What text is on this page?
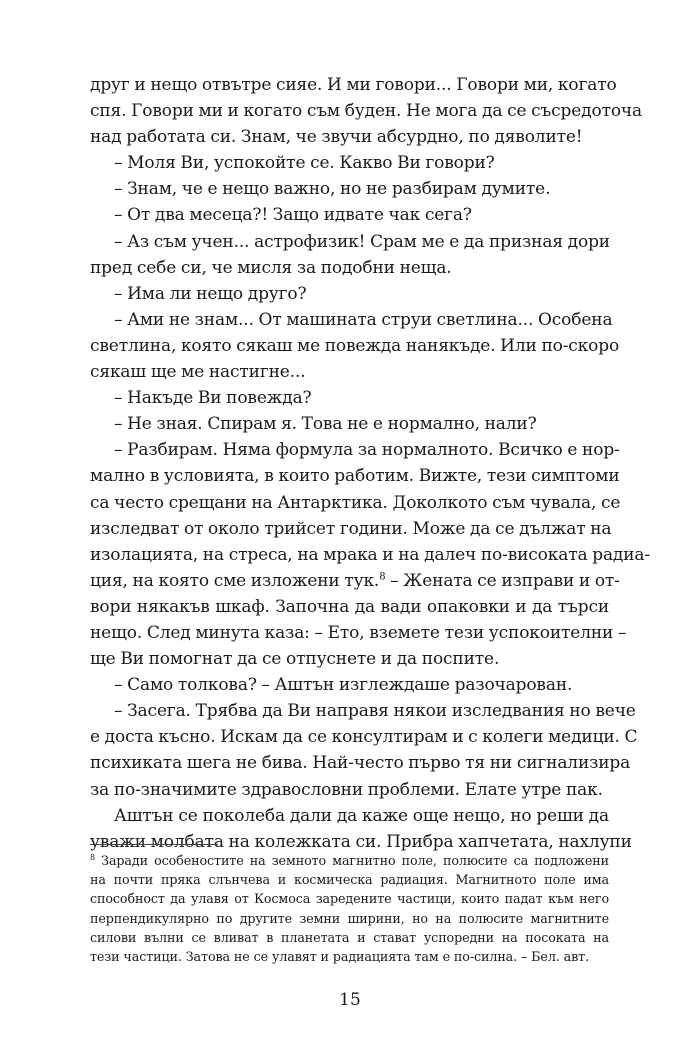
друг и нещо отвътре сияе. И ми говори... Говори ми, когато
спя. Говори ми и когато съм буден. Не мога да се съсредоточа
над работата си. Знам, че звучи абсурдно, по дяволите!
– Моля Ви, успокойте се. Какво Ви говори?
– Знам, че е нещо важно, но не разбирам думите.
– От два месеца?! Защо идвате чак сега?
– Аз съм учен... астрофизик! Срам ме е да призная дори
пред себе си, че мисля за подобни неща.
– Има ли нещо друго?
– Ами не знам... От машината струи светлина... Особена
светлина, която сякаш ме повежда нанякъде. Или по-скоро
сякаш ще ме настигне...
– Накъде Ви повежда?
– Не зная. Спирам я. Това не е нормално, нали?
– Разбирам. Няма формула за нормалното. Всичко е нор-
мално в условията, в които работим. Вижте, тези симптоми
са често срещани на Антарктика. Доколкото съм чувала, се
изследват от около трийсет години. Може да се дължат на
изолацията, на стреса, на мрака и на далеч по-високата радиа-
ция, на която сме изложени тук.$^8$ – Жената се изправи и от-
вори някакъв шкаф. Започна да вади опаковки и да търси
нещо. След минута каза: – Ето, вземете тези успокоителни –
ще Ви помогнат да се отпуснете и да поспите.
– Само толкова? – Аштън изглеждаше разочарован.
– Засега. Трябва да Ви направя някои изследвания но вече
е доста късно. Искам да се консултирам и с колеги медици. С
психиката шега не бива. Най-често първо тя ни сигнализира
за по-значимите здравословни проблеми. Елате утре пак.
Аштън се поколеба дали да каже още нещо, но реши да
уважи молбата на колежката си. Прибра хапчетата, нахлупи
$^8$ Заради особеностите на земното магнитно поле, полюсите са подложени
на почти пряка слънчева и космическа радиация. Магнитното поле има
способност да улавя от Космоса заредените частици, които падат към него
перпендикулярно по другите земни ширини, но на полюсите магнитните
силови вълни се вливат в планетата и стават успоредни на посоката на
тези частици. Затова не се улавят и радиацията там е по-силна. – Бел. авт.
15
